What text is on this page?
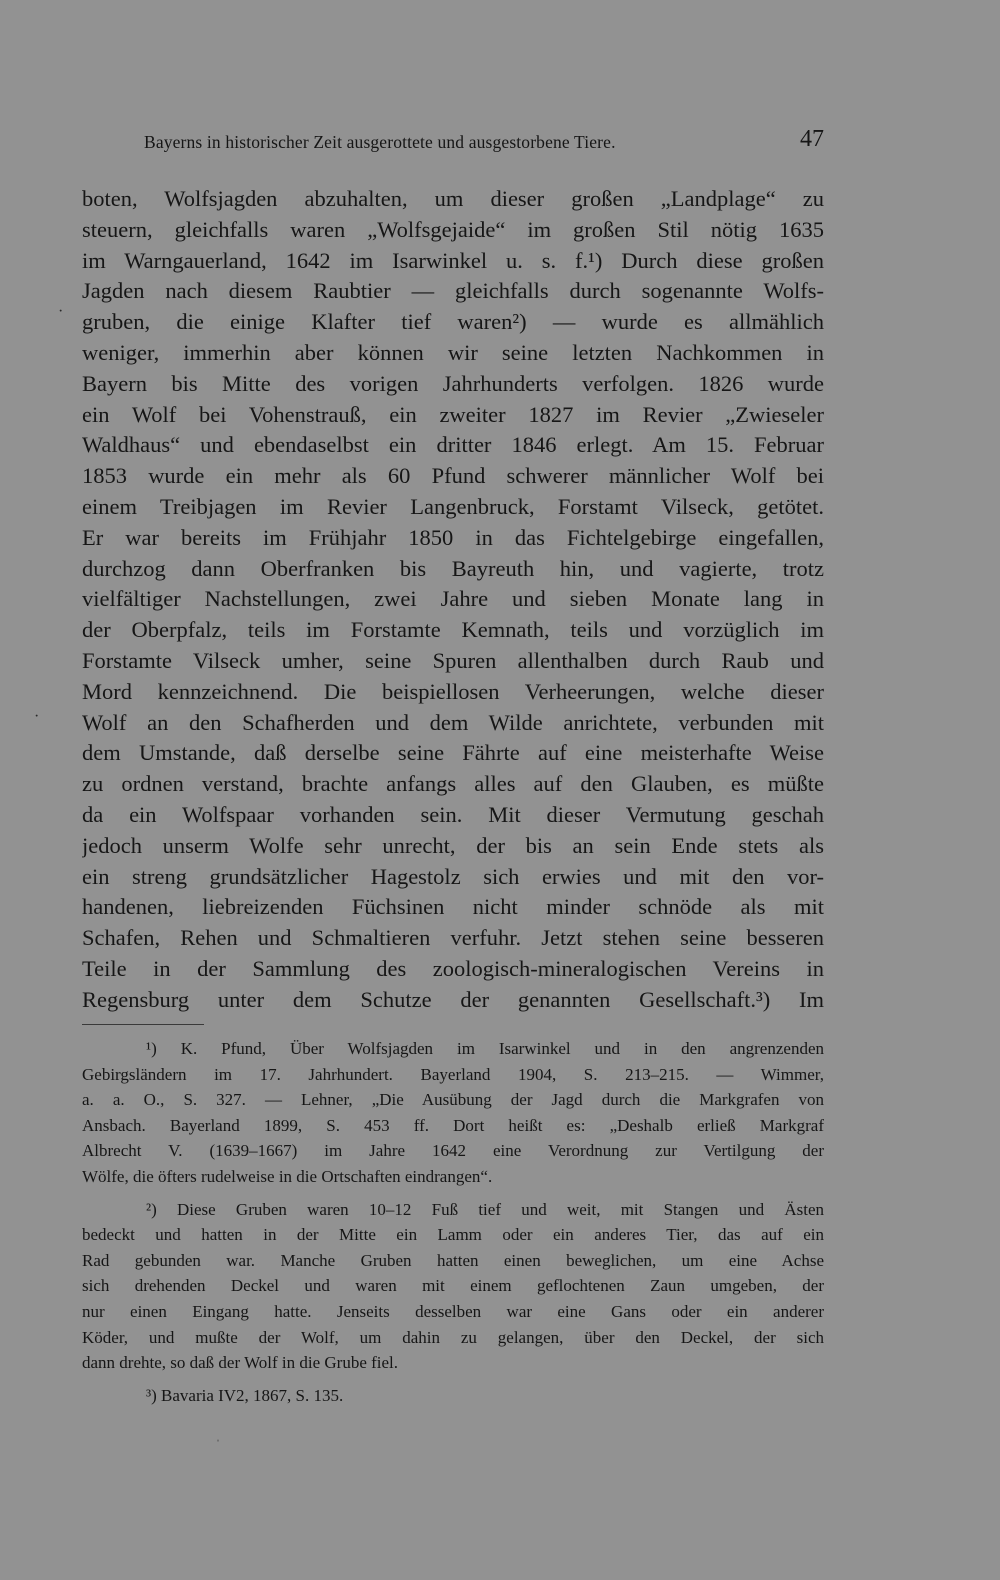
Bayerns in historischer Zeit ausgerottete und ausgestorbene Tiere.	47
boten, Wolfsjagden abzuhalten, um dieser großen „Landplage“ zu
steuern, gleichfalls waren „Wolfsgejaide“ im großen Stil nötig 1635
im Warngauerland, 1642 im Isarwinkel u. s. f.¹) Durch diese großen
Jagden nach diesem Raubtier — gleichfalls durch sogenannte Wolfs-
gruben, die einige Klafter tief waren²) — wurde es allmählich
weniger, immerhin aber können wir seine letzten Nachkommen in
Bayern bis Mitte des vorigen Jahrhunderts verfolgen. 1826 wurde
ein Wolf bei Vohenstrauß, ein zweiter 1827 im Revier „Zwieseler
Waldhaus“ und ebendaselbst ein dritter 1846 erlegt. Am 15. Februar
1853 wurde ein mehr als 60 Pfund schwerer männlicher Wolf bei
einem Treibjagen im Revier Langenbruck, Forstamt Vilseck, getötet.
Er war bereits im Frühjahr 1850 in das Fichtelgebirge eingefallen,
durchzog dann Oberfranken bis Bayreuth hin, und vagierte, trotz
vielfältiger Nachstellungen, zwei Jahre und sieben Monate lang in
der Oberpfalz, teils im Forstamte Kemnath, teils und vorzüglich im
Forstamte Vilseck umher, seine Spuren allenthalben durch Raub und
Mord kennzeichnend. Die beispiellosen Verheerungen, welche dieser
Wolf an den Schafherden und dem Wilde anrichtete, verbunden mit
dem Umstande, daß derselbe seine Fährte auf eine meisterhafte Weise
zu ordnen verstand, brachte anfangs alles auf den Glauben, es müßte
da ein Wolfspaar vorhanden sein. Mit dieser Vermutung geschah
jedoch unserm Wolfe sehr unrecht, der bis an sein Ende stets als
ein streng grundsätzlicher Hagestolz sich erwies und mit den vor-
handenen, liebreizenden Füchsinen nicht minder schnöde als mit
Schafen, Rehen und Schmaltieren verfuhr. Jetzt stehen seine besseren
Teile in der Sammlung des zoologisch-mineralogischen Vereins in
Regensburg unter dem Schutze der genannten Gesellschaft.³) Im
¹) K. Pfund, Über Wolfsjagden im Isarwinkel und in den angrenzenden
Gebirgsländern im 17. Jahrhundert. Bayerland 1904, S. 213–215. — Wimmer,
a. a. O., S. 327. — Lehner, „Die Ausübung der Jagd durch die Markgrafen von
Ansbach. Bayerland 1899, S. 453 ff. Dort heißt es: „Deshalb erließ Markgraf
Albrecht V. (1639–1667) im Jahre 1642 eine Verordnung zur Vertilgung der
Wölfe, die öfters rudelweise in die Ortschaften eindrangen“.
²) Diese Gruben waren 10–12 Fuß tief und weit, mit Stangen und Ästen
bedeckt und hatten in der Mitte ein Lamm oder ein anderes Tier, das auf ein
Rad gebunden war. Manche Gruben hatten einen beweglichen, um eine Achse
sich drehenden Deckel und waren mit einem geflochtenen Zaun umgeben, der
nur einen Eingang hatte. Jenseits desselben war eine Gans oder ein anderer
Köder, und mußte der Wolf, um dahin zu gelangen, über den Deckel, der sich
dann drehte, so daß der Wolf in die Grube fiel.
³) Bavaria IV2, 1867, S. 135.
·
·
ˌ
